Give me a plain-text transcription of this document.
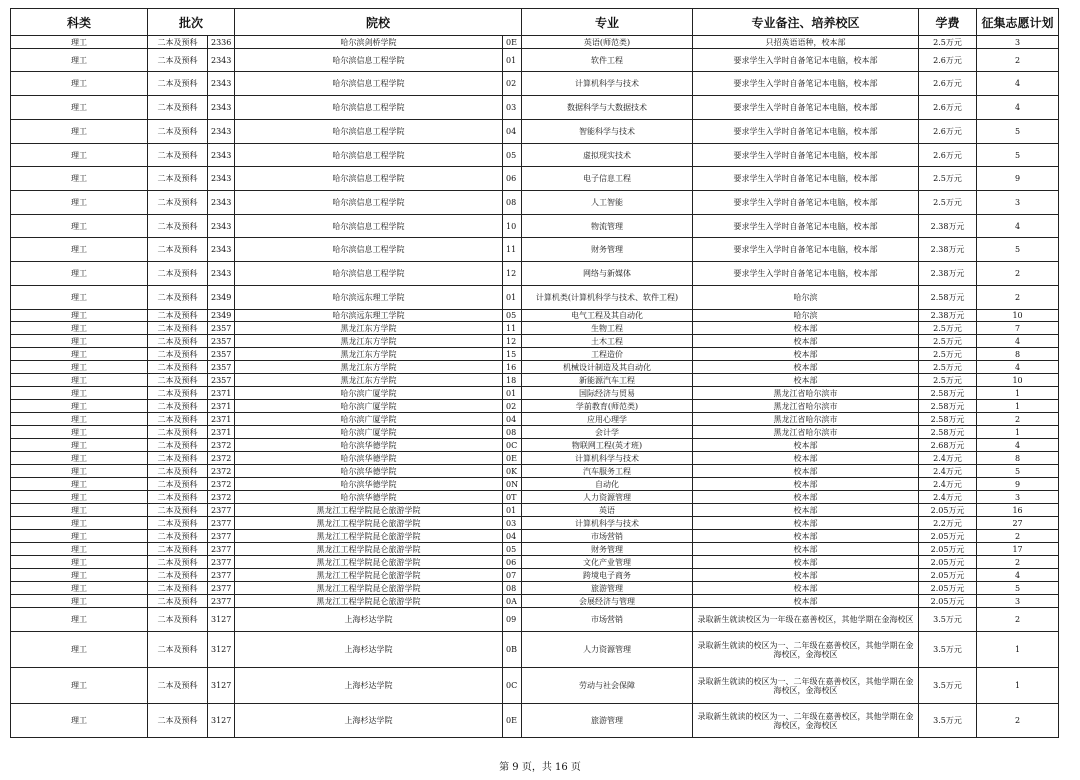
科类	批次		院校		专业	专业备注、培养校区	学费	征集志愿计划
理工	二本及预科	2336	哈尔滨剑桥学院	0E	英语(师范类)	只招英语语种，校本部	2.5万元	3
理工	二本及预科	2343	哈尔滨信息工程学院	01	软件工程	要求学生入学时自备笔记本电脑，校本部	2.6万元	2
理工	二本及预科	2343	哈尔滨信息工程学院	02	计算机科学与技术	要求学生入学时自备笔记本电脑，校本部	2.6万元	4
理工	二本及预科	2343	哈尔滨信息工程学院	03	数据科学与大数据技术	要求学生入学时自备笔记本电脑，校本部	2.6万元	4
理工	二本及预科	2343	哈尔滨信息工程学院	04	智能科学与技术	要求学生入学时自备笔记本电脑，校本部	2.6万元	5
理工	二本及预科	2343	哈尔滨信息工程学院	05	虚拟现实技术	要求学生入学时自备笔记本电脑，校本部	2.6万元	5
理工	二本及预科	2343	哈尔滨信息工程学院	06	电子信息工程	要求学生入学时自备笔记本电脑，校本部	2.5万元	9
理工	二本及预科	2343	哈尔滨信息工程学院	08	人工智能	要求学生入学时自备笔记本电脑，校本部	2.5万元	3
理工	二本及预科	2343	哈尔滨信息工程学院	10	物流管理	要求学生入学时自备笔记本电脑，校本部	2.38万元	4
理工	二本及预科	2343	哈尔滨信息工程学院	11	财务管理	要求学生入学时自备笔记本电脑，校本部	2.38万元	5
理工	二本及预科	2343	哈尔滨信息工程学院	12	网络与新媒体	要求学生入学时自备笔记本电脑，校本部	2.38万元	2
理工	二本及预科	2349	哈尔滨远东理工学院	01	计算机类(计算机科学与技术、软件工程)	哈尔滨	2.58万元	2
理工	二本及预科	2349	哈尔滨远东理工学院	05	电气工程及其自动化	哈尔滨	2.38万元	10
理工	二本及预科	2357	黑龙江东方学院	11	生物工程	校本部	2.5万元	7
理工	二本及预科	2357	黑龙江东方学院	12	土木工程	校本部	2.5万元	4
理工	二本及预科	2357	黑龙江东方学院	15	工程造价	校本部	2.5万元	8
理工	二本及预科	2357	黑龙江东方学院	16	机械设计制造及其自动化	校本部	2.5万元	4
理工	二本及预科	2357	黑龙江东方学院	18	新能源汽车工程	校本部	2.5万元	10
理工	二本及预科	2371	哈尔滨广厦学院	01	国际经济与贸易	黑龙江省哈尔滨市	2.58万元	1
理工	二本及预科	2371	哈尔滨广厦学院	02	学前教育(师范类)	黑龙江省哈尔滨市	2.58万元	1
理工	二本及预科	2371	哈尔滨广厦学院	04	应用心理学	黑龙江省哈尔滨市	2.58万元	2
理工	二本及预科	2371	哈尔滨广厦学院	08	会计学	黑龙江省哈尔滨市	2.58万元	1
理工	二本及预科	2372	哈尔滨华德学院	0C	物联网工程(英才班)	校本部	2.68万元	4
理工	二本及预科	2372	哈尔滨华德学院	0E	计算机科学与技术	校本部	2.4万元	8
理工	二本及预科	2372	哈尔滨华德学院	0K	汽车服务工程	校本部	2.4万元	5
理工	二本及预科	2372	哈尔滨华德学院	0N	自动化	校本部	2.4万元	9
理工	二本及预科	2372	哈尔滨华德学院	0T	人力资源管理	校本部	2.4万元	3
理工	二本及预科	2377	黑龙江工程学院昆仑旅游学院	01	英语	校本部	2.05万元	16
理工	二本及预科	2377	黑龙江工程学院昆仑旅游学院	03	计算机科学与技术	校本部	2.2万元	27
理工	二本及预科	2377	黑龙江工程学院昆仑旅游学院	04	市场营销	校本部	2.05万元	2
理工	二本及预科	2377	黑龙江工程学院昆仑旅游学院	05	财务管理	校本部	2.05万元	17
理工	二本及预科	2377	黑龙江工程学院昆仑旅游学院	06	文化产业管理	校本部	2.05万元	2
理工	二本及预科	2377	黑龙江工程学院昆仑旅游学院	07	跨境电子商务	校本部	2.05万元	4
理工	二本及预科	2377	黑龙江工程学院昆仑旅游学院	08	旅游管理	校本部	2.05万元	5
理工	二本及预科	2377	黑龙江工程学院昆仑旅游学院	0A	会展经济与管理	校本部	2.05万元	3
理工	二本及预科	3127	上海杉达学院	09	市场营销	录取新生就读校区为一年级在嘉善校区，其他学期在金海校区	3.5万元	2
理工	二本及预科	3127	上海杉达学院	0B	人力资源管理	录取新生就读的校区为一、二年级在嘉善校区，其他学期在金海校区，金海校区	3.5万元	1
理工	二本及预科	3127	上海杉达学院	0C	劳动与社会保障	录取新生就读的校区为一、二年级在嘉善校区，其他学期在金海校区，金海校区	3.5万元	1
理工	二本及预科	3127	上海杉达学院	0E	旅游管理	录取新生就读的校区为一、二年级在嘉善校区，其他学期在金海校区，金海校区	3.5万元	2
第 9 页，共 16 页
